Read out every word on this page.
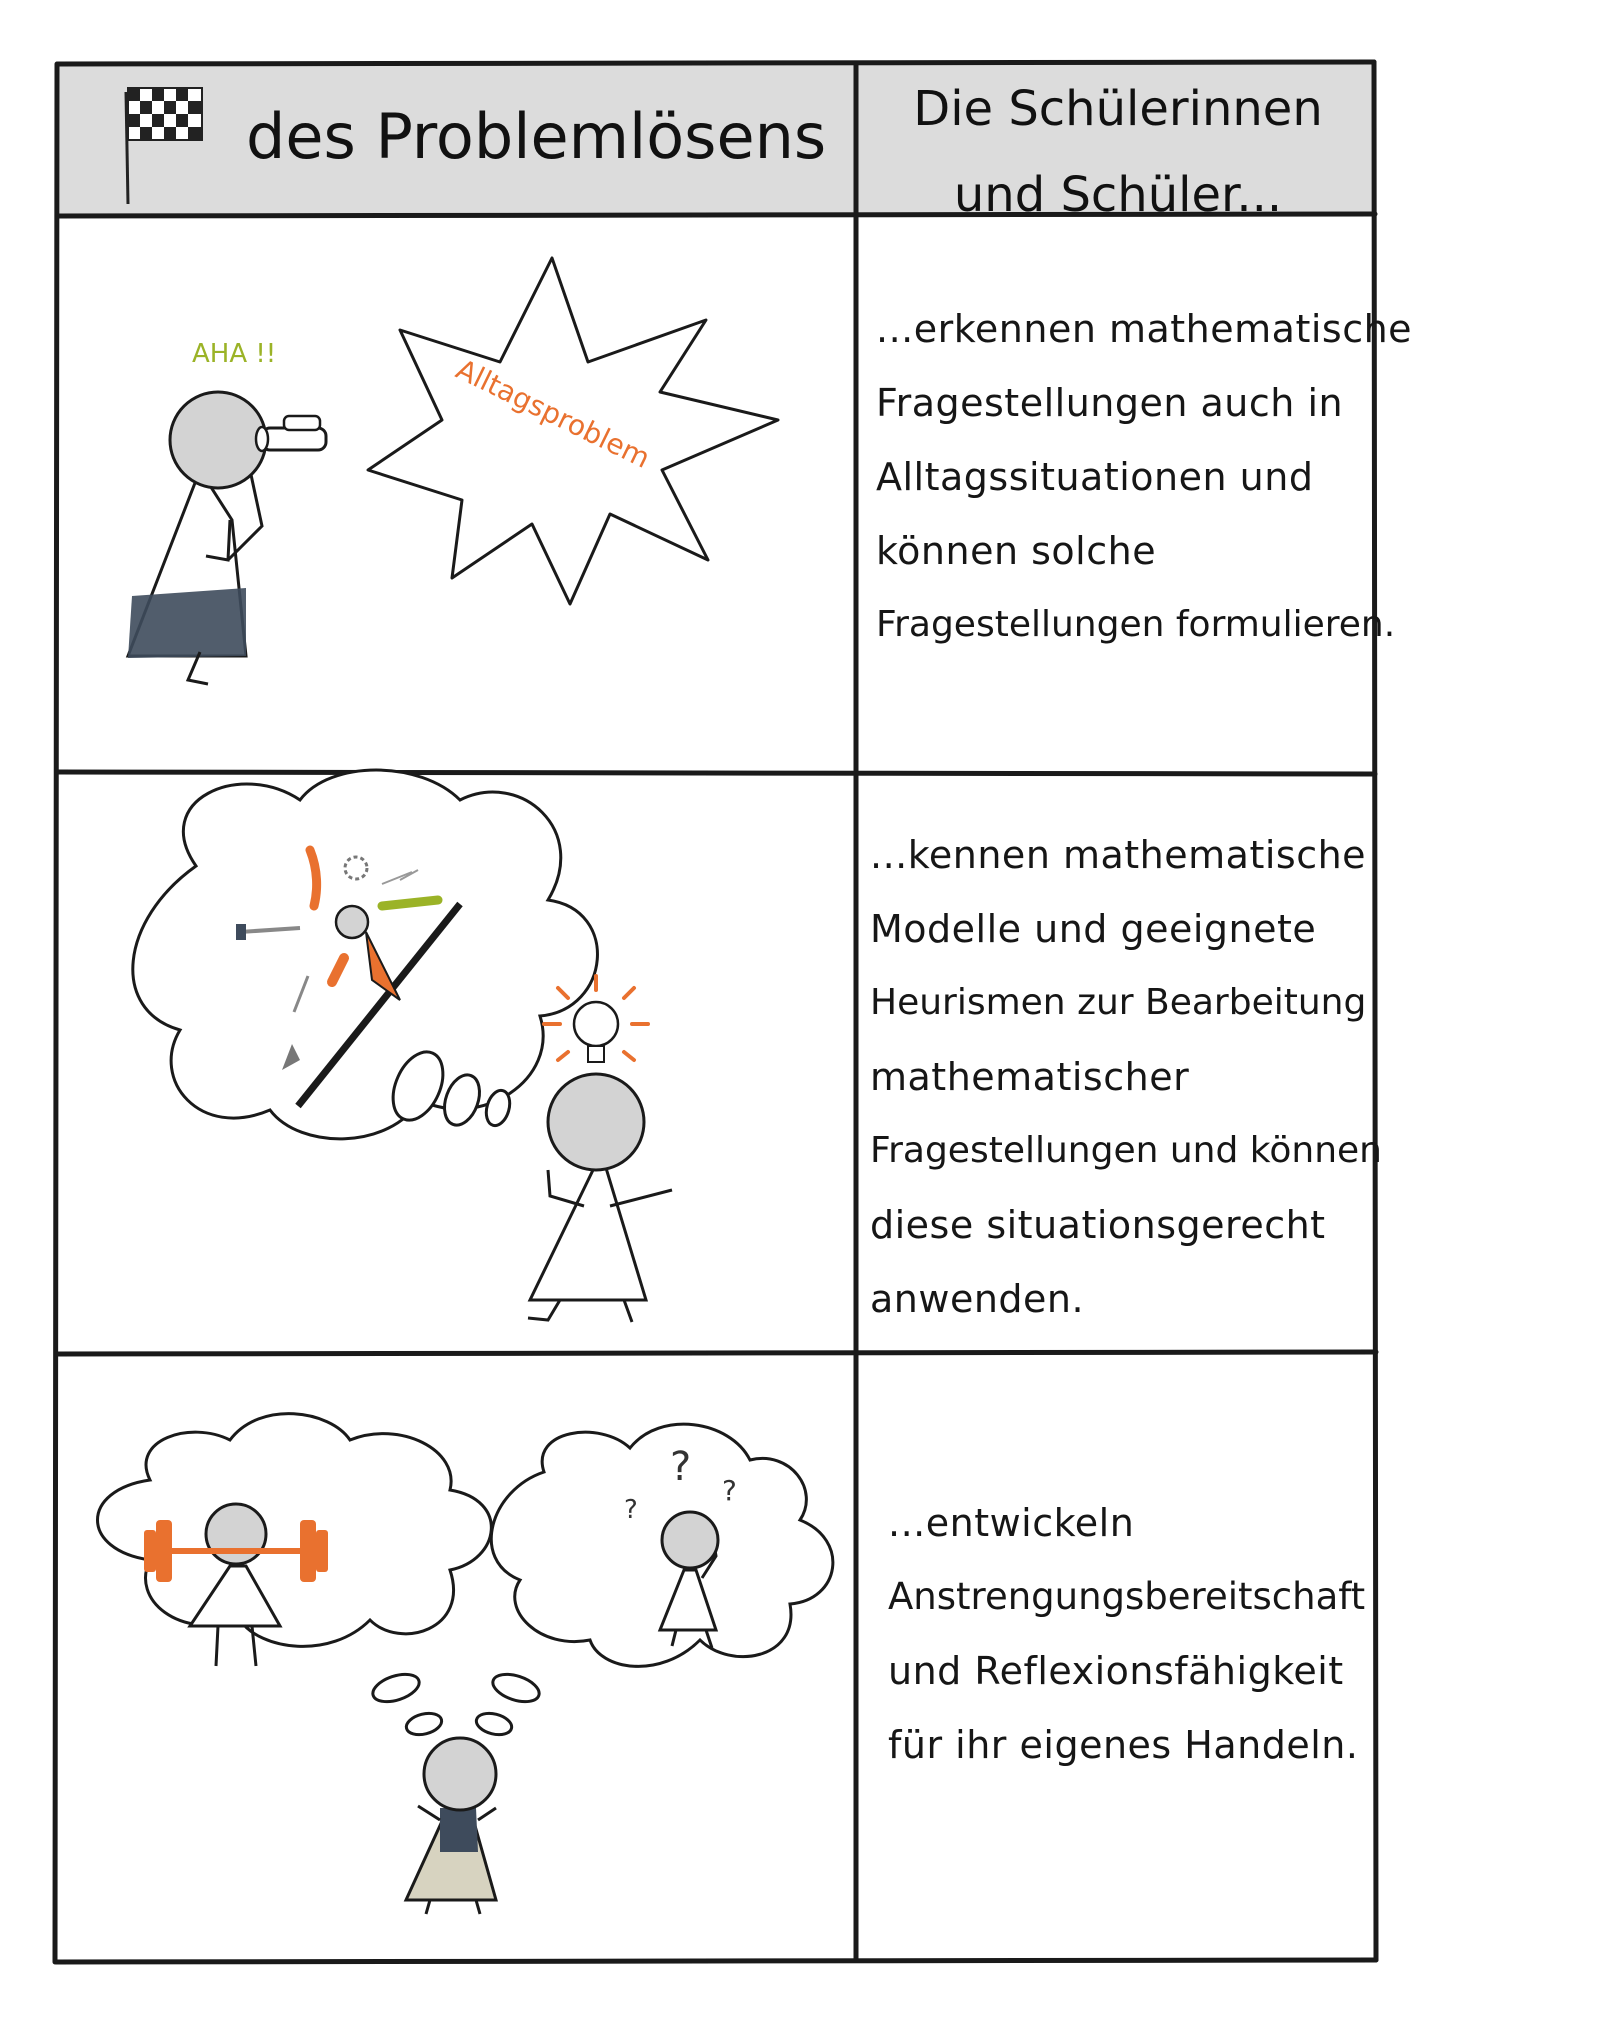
Alltagsproblem
AHA !!
?
?
?
des Problemlösens	Die Schülerinnen
und Schüler...
...erkennen mathematische
Fragestellungen auch in
Alltagssituationen und
können solche
Fragestellungen formulieren.
...kennen mathematische
Modelle und geeignete
Heurismen zur Bearbeitung
mathematischer
Fragestellungen und können
diese situationsgerecht
anwenden.
...entwickeln
Anstrengungsbereitschaft
und Reflexionsfähigkeit
für ihr eigenes Handeln.
